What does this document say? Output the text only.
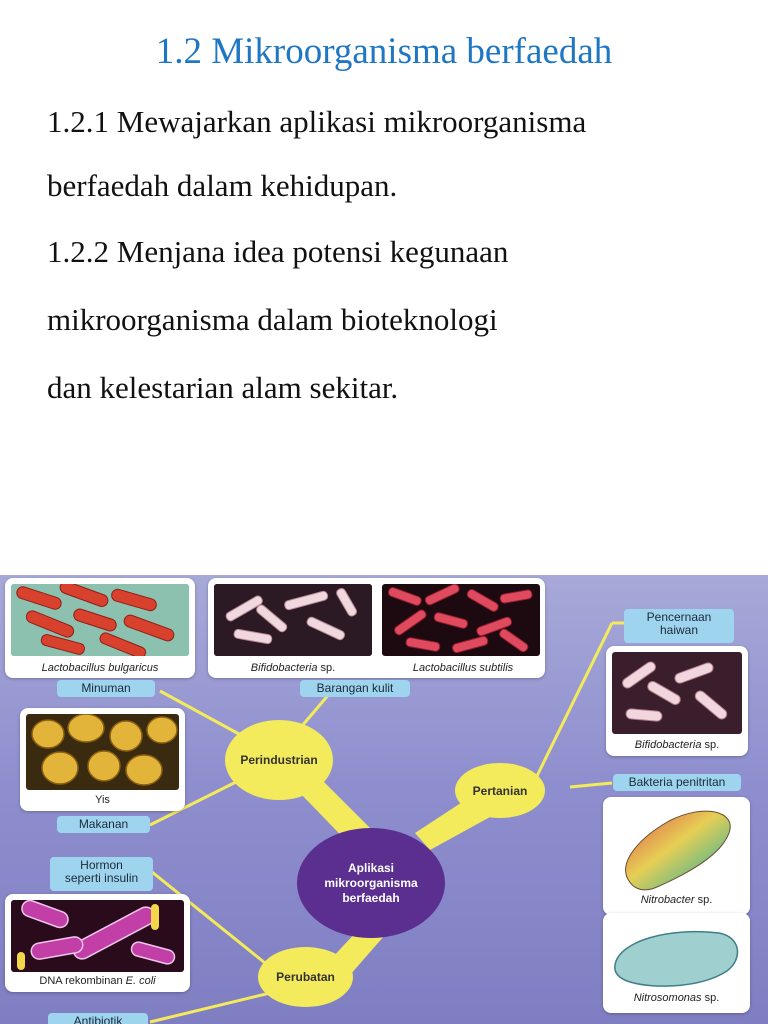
1.2 Mikroorganisma berfaedah
1.2.1 Mewajarkan aplikasi mikroorganisma
berfaedah dalam kehidupan.
1.2.2 Menjana idea potensi kegunaan
mikroorganisma dalam bioteknologi
dan kelestarian alam sekitar.
Lactobacillus bulgaricus	Bifidobacteria sp.	Lactobacillus subtilis
Minuman	Barangan kulit
Yis
Makanan
Perindustrian
Pertanian
Perubatan
Aplikasi mikroorganisma berfaedah
Pencernaan
haiwan
Bifidobacteria sp.
Bakteria penitritan
Nitrobacter sp.
Nitrosomonas sp.
Hormon
seperti insulin
DNA rekombinan E. coli
Antibiotik
